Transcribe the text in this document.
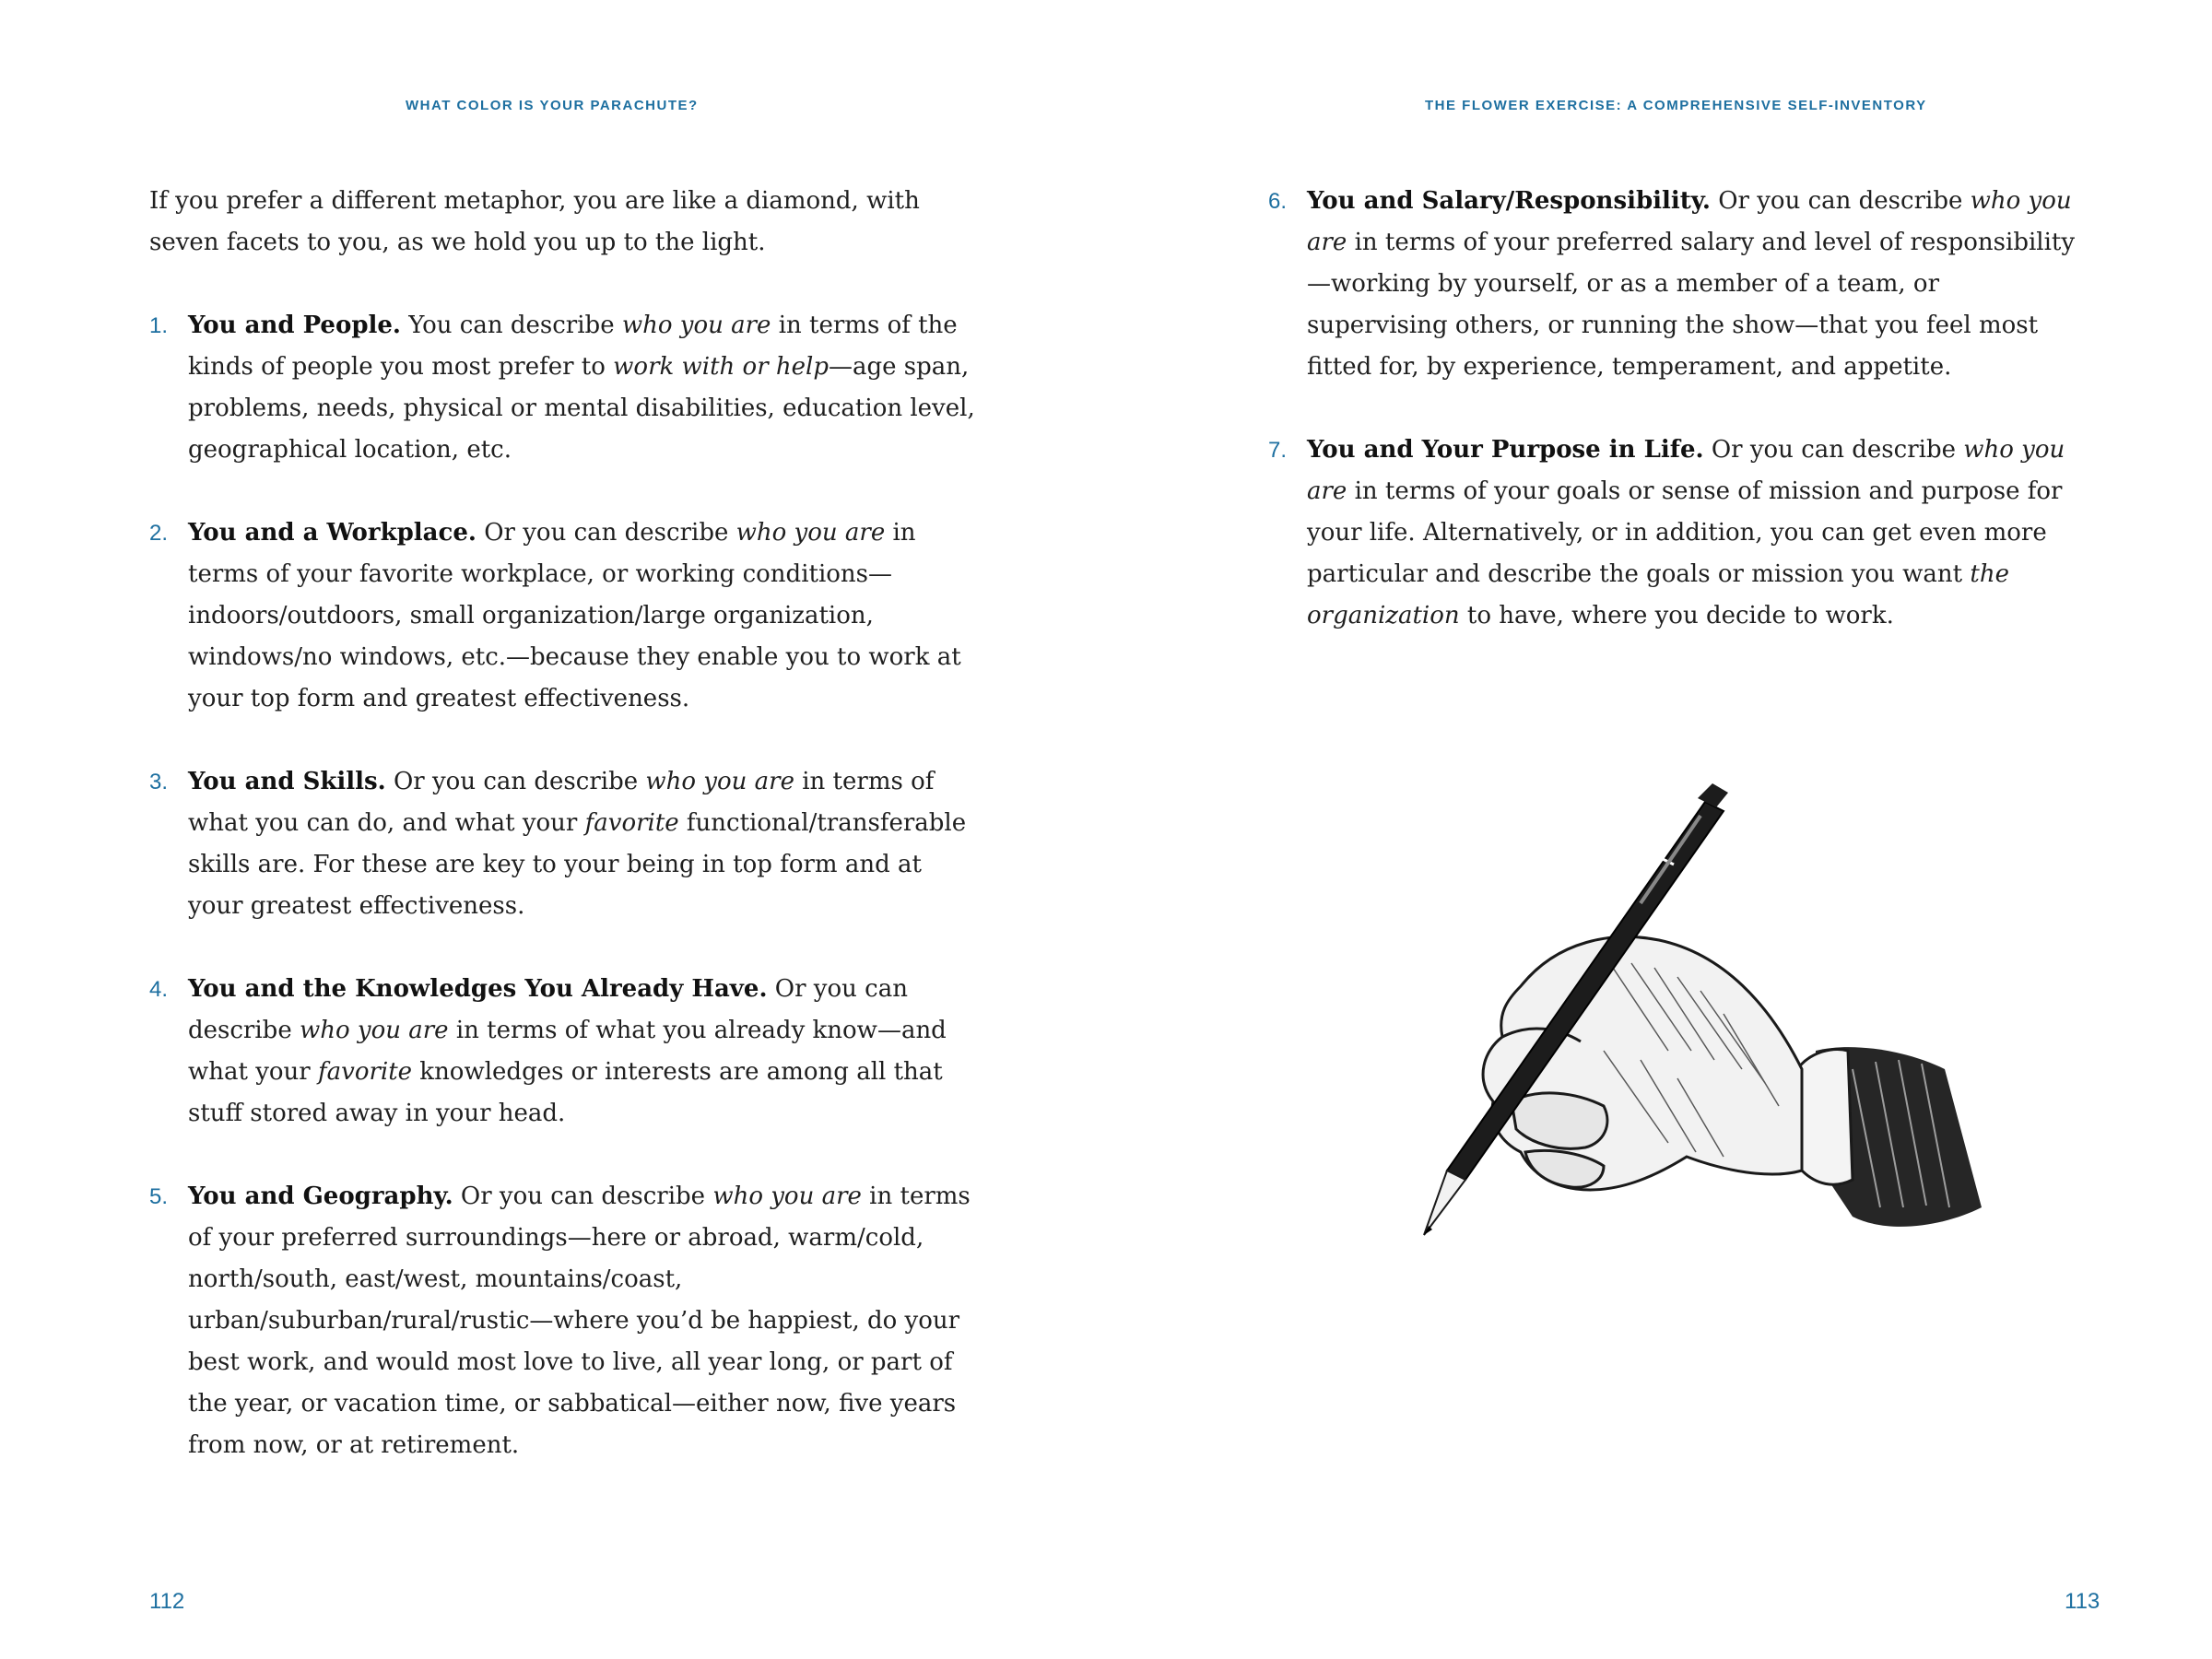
WHAT COLOR IS YOUR PARACHUTE?

If you prefer a different metaphor, you are like a diamond, with seven facets to you, as we hold you up to the light.

1. You and People. You can describe who you are in terms of the kinds of people you most prefer to work with or help—age span, problems, needs, physical or mental disabilities, education level, geographical location, etc.
2. You and a Workplace. Or you can describe who you are in terms of your favorite workplace, or working conditions—indoors/outdoors, small organization/large organization, windows/no windows, etc.—because they enable you to work at your top form and greatest effectiveness.
3. You and Skills. Or you can describe who you are in terms of what you can do, and what your favorite functional/transferable skills are. For these are key to your being in top form and at your greatest effectiveness.
4. You and the Knowledges You Already Have. Or you can describe who you are in terms of what you already know—and what your favorite knowledges or interests are among all that stuff stored away in your head.
5. You and Geography. Or you can describe who you are in terms of your preferred surroundings—here or abroad, warm/cold, north/south, east/west, mountains/coast, urban/suburban/rural/rustic—where you’d be happiest, do your best work, and would most love to live, all year long, or part of the year, or vacation time, or sabbatical—either now, five years from now, or at retirement.
112
THE FLOWER EXERCISE: A COMPREHENSIVE SELF-INVENTORY
6. You and Salary/Responsibility. Or you can describe who you are in terms of your preferred salary and level of responsibility—working by yourself, or as a member of a team, or supervising others, or running the show—that you feel most fitted for, by experience, temperament, and appetite.
7. You and Your Purpose in Life. Or you can describe who you are in terms of your goals or sense of mission and purpose for your life. Alternatively, or in addition, you can get even more particular and describe the goals or mission you want the organization to have, where you decide to work.
113
